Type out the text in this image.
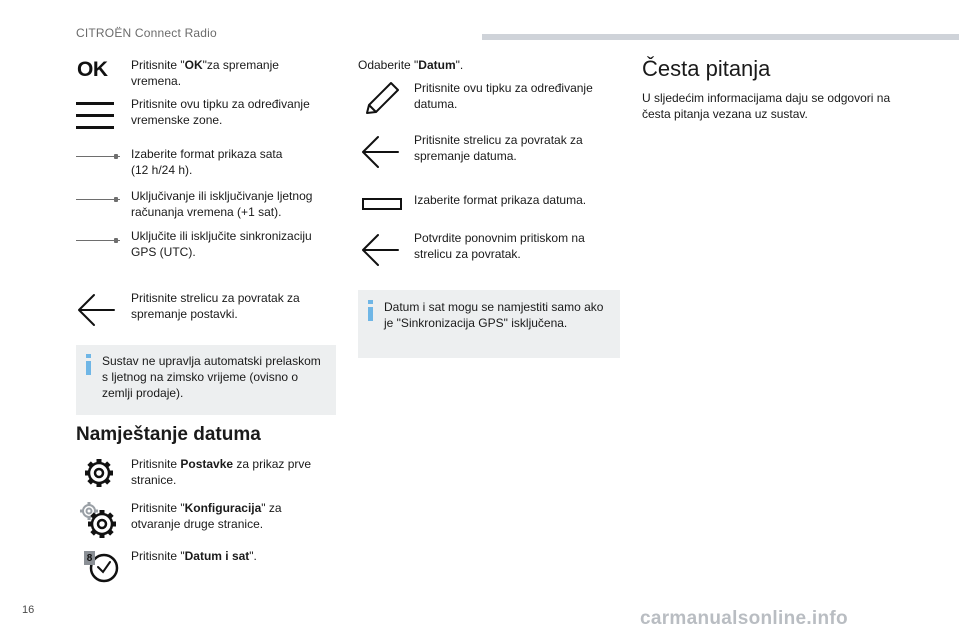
CITROËN Connect Radio
OK Pritisnite "OK"za spremanje vremena.
Pritisnite ovu tipku za određivanje vremenske zone.
Izaberite format prikaza sata (12 h/24 h).
Uključivanje ili isključivanje ljetnog računanja vremena (+1 sat).
Uključite ili isključite sinkronizaciju GPS (UTC).
Pritisnite strelicu za povratak za spremanje postavki.
Sustav ne upravlja automatski prelaskom s ljetnog na zimsko vrijeme (ovisno o zemlji prodaje).
Namještanje datuma
Pritisnite Postavke za prikaz prve stranice.
Pritisnite "Konfiguracija" za otvaranje druge stranice.
8	Pritisnite "Datum i sat".
Odaberite "Datum".
Pritisnite ovu tipku za određivanje datuma.
Pritisnite strelicu za povratak za spremanje datuma.
Izaberite format prikaza datuma.
Potvrdite ponovnim pritiskom na strelicu za povratak.
Datum i sat mogu se namjestiti samo ako je "Sinkronizacija GPS" isključena.
Česta pitanja
U sljedećim informacijama daju se odgovori na česta pitanja vezana uz sustav.
16	carmanualsonline.info
